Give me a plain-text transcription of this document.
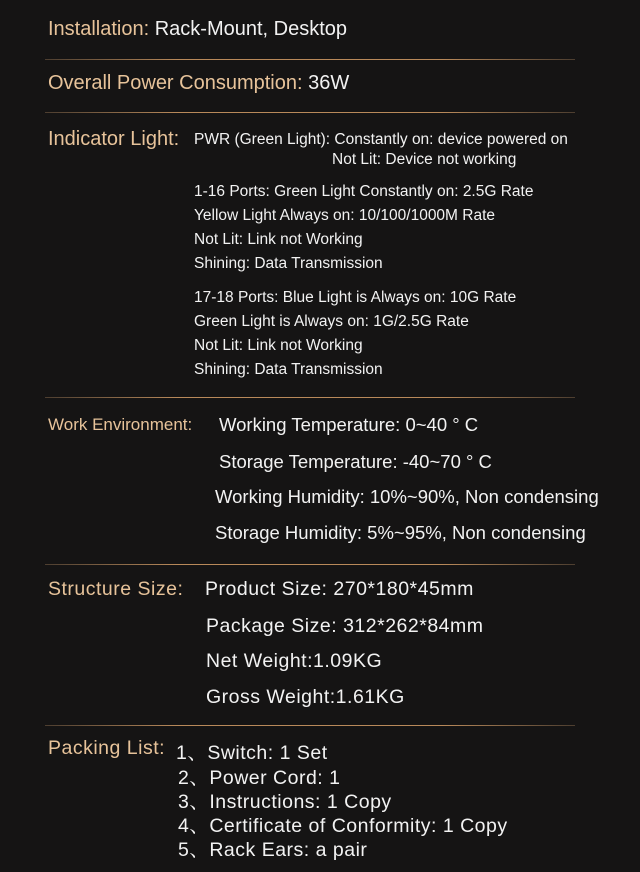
Installation: Rack-Mount, Desktop
Overall Power Consumption: 36W
Indicator Light: PWR (Green Light): Constantly on: device powered on
Not Lit: Device not working
1-16 Ports: Green Light Constantly on: 2.5G Rate
Yellow Light Always on: 10/100/1000M Rate
Not Lit: Link not Working
Shining: Data Transmission
17-18 Ports: Blue Light is Always on: 10G Rate
Green Light is Always on: 1G/2.5G Rate
Not Lit: Link not Working
Shining: Data Transmission
Work Environment: Working Temperature: 0~40 ° C
Storage Temperature: -40~70 ° C
Working Humidity: 10%~90%, Non condensing
Storage Humidity: 5%~95%, Non condensing
Structure Size: Product Size: 270*180*45mm
Package Size: 312*262*84mm
Net Weight:1.09KG
Gross Weight:1.61KG
Packing List: 1、Switch: 1 Set
2、Power Cord: 1
3、Instructions: 1 Copy
4、Certificate of Conformity: 1 Copy
5、Rack Ears: a pair
